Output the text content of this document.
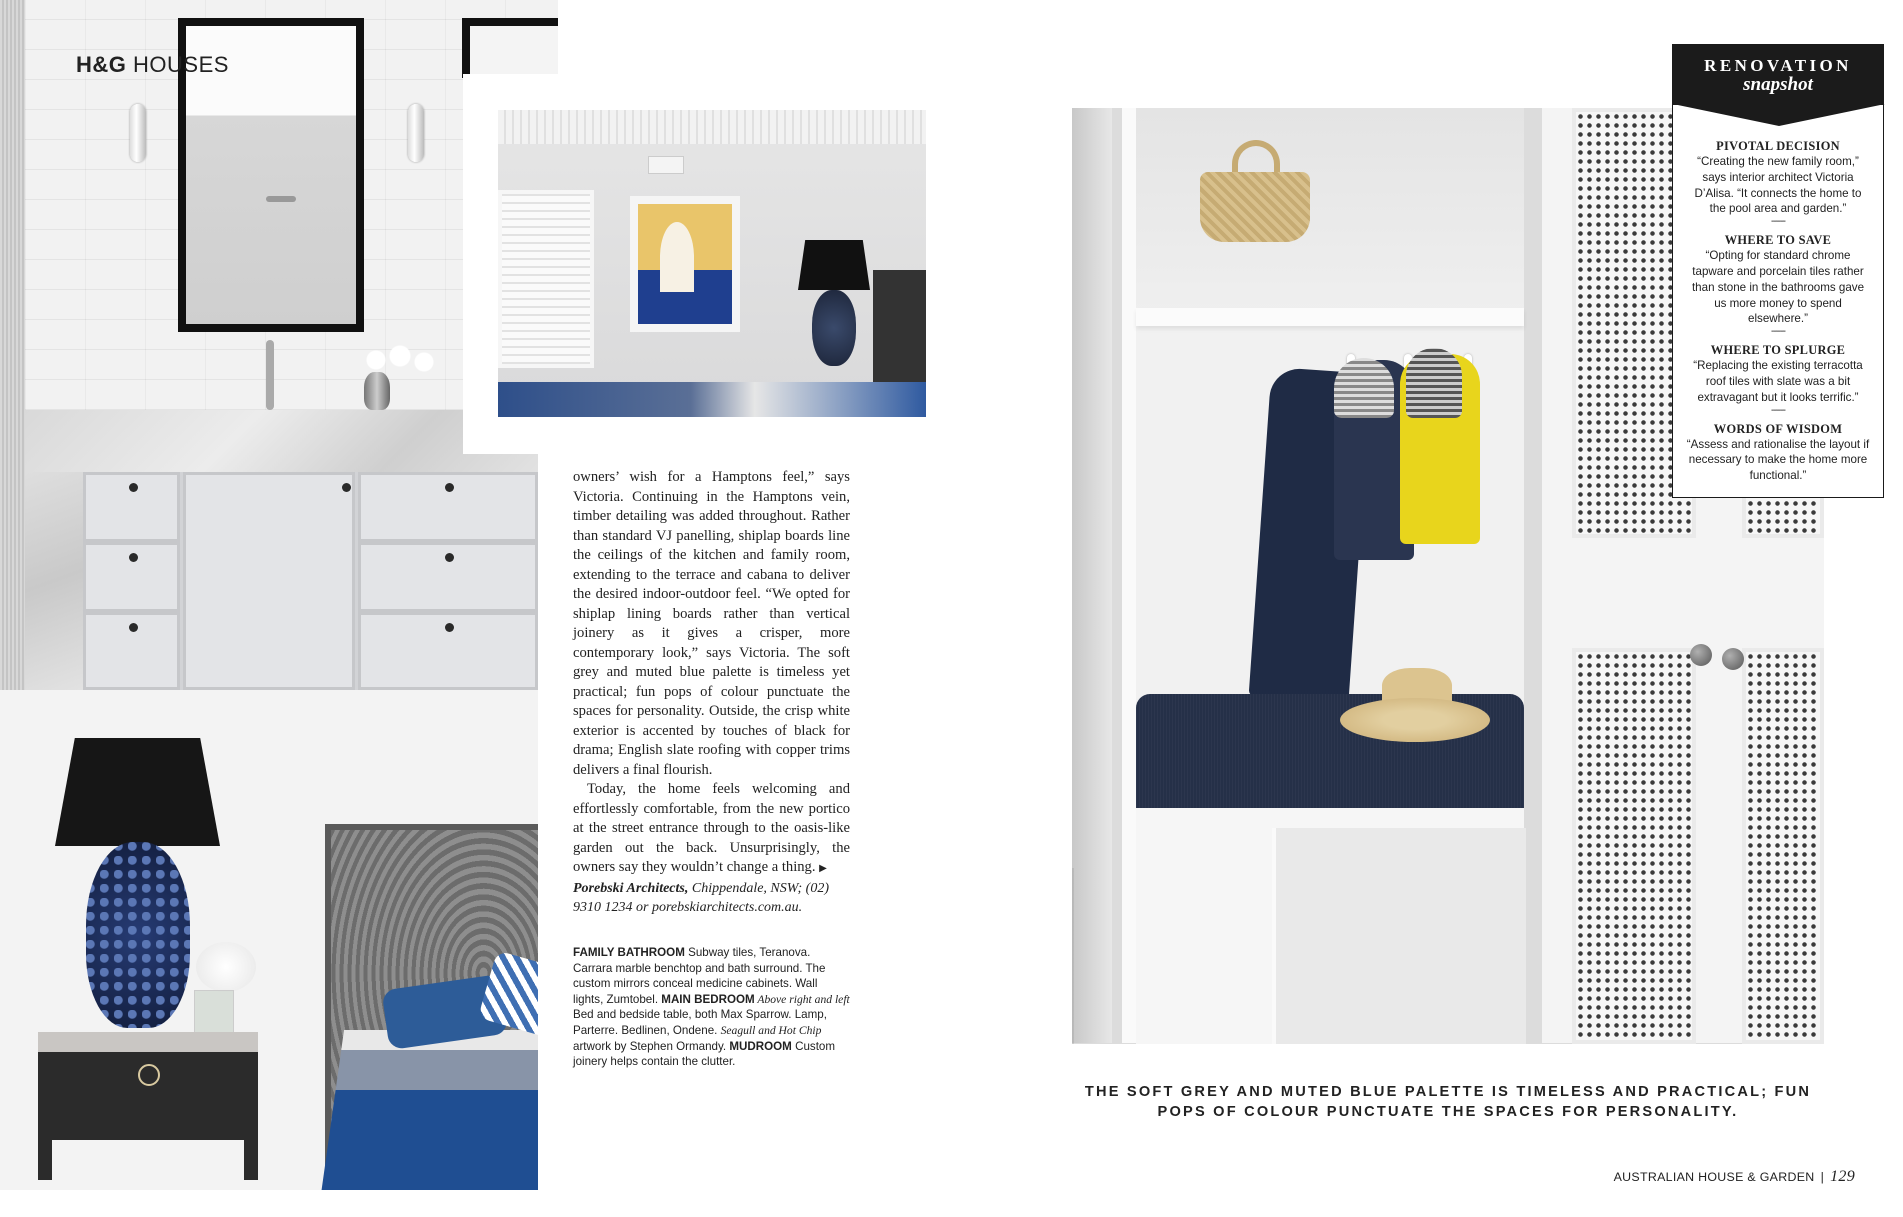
H&G HOUSES

owners’ wish for a Hamptons feel,” says Victoria. Continuing in the Hamptons vein, timber detailing was added throughout. Rather than standard VJ panelling, shiplap boards line the ceilings of the kitchen and family room, extending to the terrace and cabana to deliver the desired indoor-outdoor feel. “We opted for shiplap lining boards rather than vertical joinery as it gives a crisper, more contemporary look,” says Victoria. The soft grey and muted blue palette is timeless yet practical; fun pops of colour punctuate the spaces for personality. Outside, the crisp white exterior is accented by touches of black for drama; English slate roofing with copper trims delivers a final flourish.

Today, the home feels welcoming and effortlessly comfortable, from the new portico at the street entrance through to the oasis-like garden out the back. Unsurprisingly, the owners say they wouldn’t change a thing. ▶

Porebski Architects, Chippendale, NSW; (02) 9310 1234 or porebskiarchitects.com.au.

FAMILY BATHROOM Subway tiles, Teranova. Carrara marble benchtop and bath surround. The custom mirrors conceal medicine cabinets. Wall lights, Zumtobel. MAIN BEDROOM Above right and left Bed and bedside table, both Max Sparrow. Lamp, Parterre. Bedlinen, Ondene. Seagull and Hot Chip artwork by Stephen Ormandy. MUDROOM Custom joinery helps contain the clutter.
RENOVATION
snapshot

PIVOTAL DECISION

“Creating the new family room,” says interior architect Victoria D’Alisa. “It connects the home to the pool area and garden.”

------

WHERE TO SAVE

“Opting for standard chrome tapware and porcelain tiles rather than stone in the bathrooms gave us more money to spend elsewhere.”

------

WHERE TO SPLURGE

“Replacing the existing terracotta roof tiles with slate was a bit extravagant but it looks terrific.”

------

WORDS OF WISDOM

“Assess and rationalise the layout if necessary to make the home more functional.”

THE SOFT GREY AND MUTED BLUE PALETTE IS TIMELESS AND PRACTICAL; FUN POPS OF COLOUR PUNCTUATE THE SPACES FOR PERSONALITY.

AUSTRALIAN HOUSE & GARDEN | 129
